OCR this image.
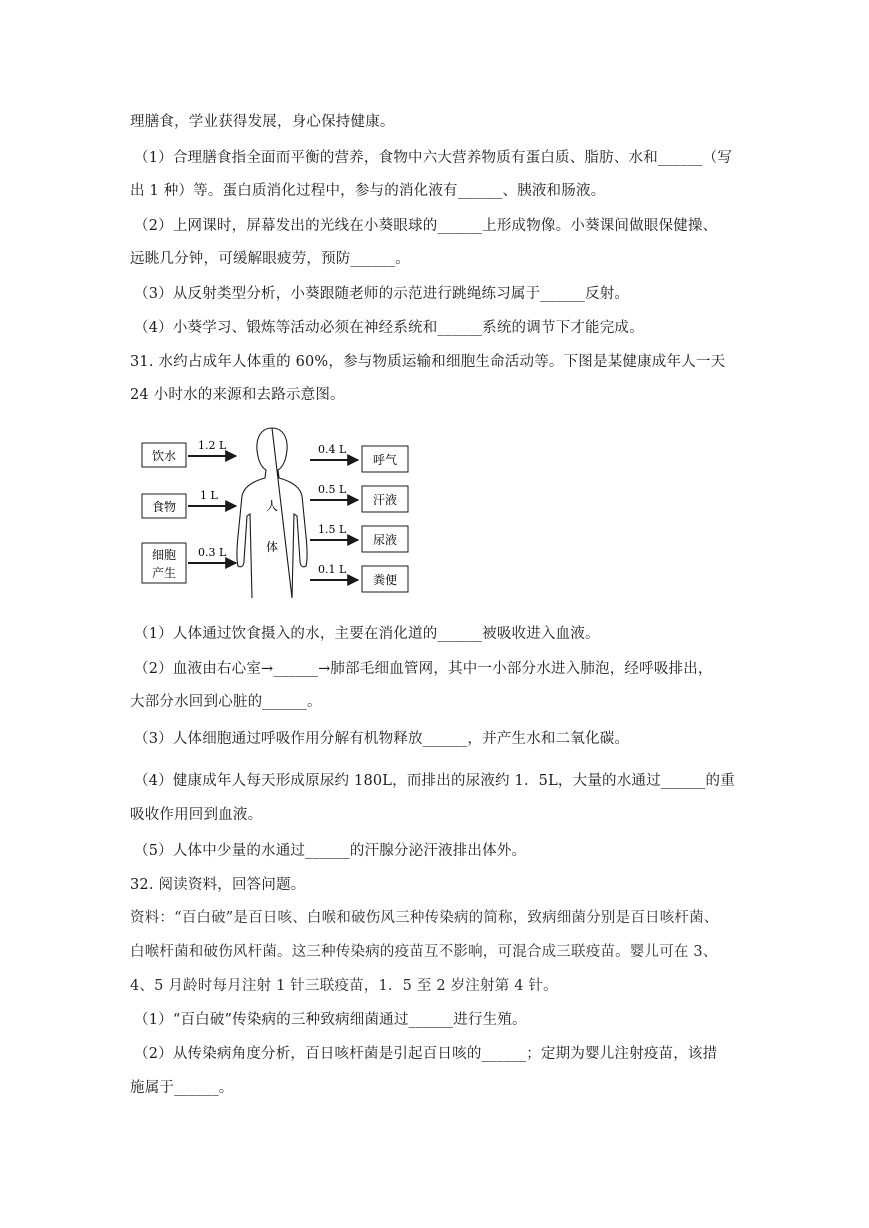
理膳食，学业获得发展，身心保持健康。
（1）合理膳食指全面而平衡的营养，食物中六大营养物质有蛋白质、脂肪、水和______（写
出 1 种）等。蛋白质消化过程中，参与的消化液有______、胰液和肠液。
（2）上网课时，屏幕发出的光线在小葵眼球的______上形成物像。小葵课间做眼保健操、
远眺几分钟，可缓解眼疲劳，预防______。
（3）从反射类型分析，小葵跟随老师的示范进行跳绳练习属于______反射。
（4）小葵学习、锻炼等活动必须在神经系统和______系统的调节下才能完成。
31. 水约占成年人体重的 60%，参与物质运输和细胞生命活动等。下图是某健康成年人一天
24 小时水的来源和去路示意图。
饮水
食物
细胞
产生
1.2 L
1 L
0.3 L
人
体
0.4 L
0.5 L
1.5 L
0.1 L
呼气
汗液
尿液
粪便
（1）人体通过饮食摄入的水，主要在消化道的______被吸收进入血液。
（2）血液由右心室→______→肺部毛细血管网，其中一小部分水进入肺泡，经呼吸排出，
大部分水回到心脏的______。
（3）人体细胞通过呼吸作用分解有机物释放______，并产生水和二氧化碳。
（4）健康成年人每天形成原尿约 180L，而排出的尿液约 1．5L，大量的水通过______的重
吸收作用回到血液。
（5）人体中少量的水通过______的汗腺分泌汗液排出体外。
32. 阅读资料，回答问题。
资料：“百白破”是百日咳、白喉和破伤风三种传染病的简称，致病细菌分别是百日咳杆菌、
白喉杆菌和破伤风杆菌。这三种传染病的疫苗互不影响，可混合成三联疫苗。婴儿可在 3、
4、5 月龄时每月注射 1 针三联疫苗，1．5 至 2 岁注射第 4 针。
（1）“百白破”传染病的三种致病细菌通过______进行生殖。
（2）从传染病角度分析，百日咳杆菌是引起百日咳的______；定期为婴儿注射疫苗，该措
施属于______。
